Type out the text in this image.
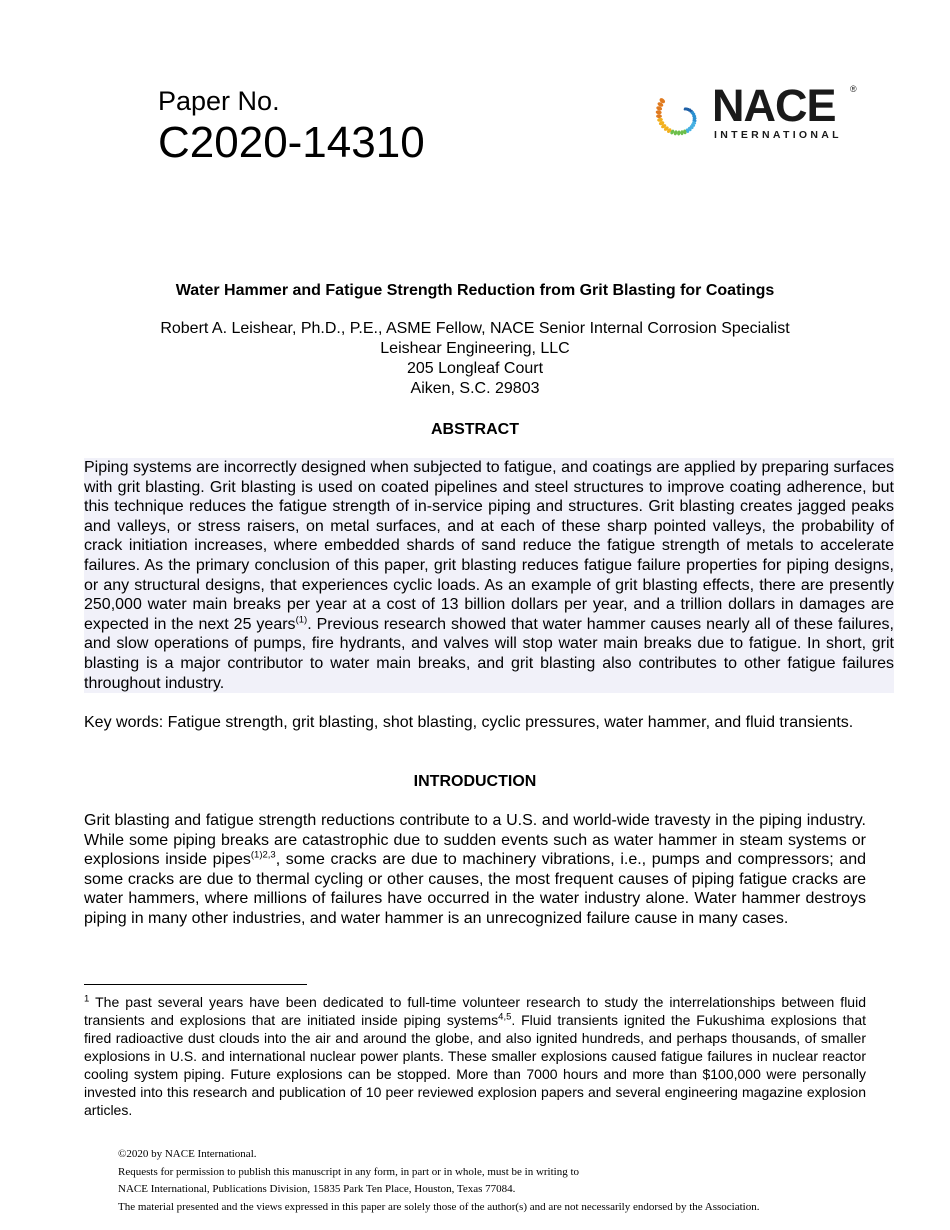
Paper No.
C2020-14310
NACE ®
INTERNATIONAL
Water Hammer and Fatigue Strength Reduction from Grit Blasting for Coatings
Robert A. Leishear, Ph.D., P.E., ASME Fellow, NACE Senior Internal Corrosion Specialist
Leishear Engineering, LLC
205 Longleaf Court
Aiken, S.C. 29803
ABSTRACT
Piping systems are incorrectly designed when subjected to fatigue, and coatings are applied by preparing surfaces with grit blasting. Grit blasting is used on coated pipelines and steel structures to improve coating adherence, but this technique reduces the fatigue strength of in-service piping and structures. Grit blasting creates jagged peaks and valleys, or stress raisers, on metal surfaces, and at each of these sharp pointed valleys, the probability of crack initiation increases, where embedded shards of sand reduce the fatigue strength of metals to accelerate failures. As the primary conclusion of this paper, grit blasting reduces fatigue failure properties for piping designs, or any structural designs, that experiences cyclic loads. As an example of grit blasting effects, there are presently 250,000 water main breaks per year at a cost of 13 billion dollars per year, and a trillion dollars in damages are expected in the next 25 years$^{(1)}$. Previous research showed that water hammer causes nearly all of these failures, and slow operations of pumps, fire hydrants, and valves will stop water main breaks due to fatigue. In short, grit blasting is a major contributor to water main breaks, and grit blasting also contributes to other fatigue failures throughout industry.
Key words: Fatigue strength, grit blasting, shot blasting, cyclic pressures, water hammer, and fluid transients.
INTRODUCTION
Grit blasting and fatigue strength reductions contribute to a U.S. and world-wide travesty in the piping industry. While some piping breaks are catastrophic due to sudden events such as water hammer in steam systems or explosions inside pipes$^{(1)2,3}$, some cracks are due to machinery vibrations, i.e., pumps and compressors; and some cracks are due to thermal cycling or other causes, the most frequent causes of piping fatigue cracks are water hammers, where millions of failures have occurred in the water industry alone. Water hammer destroys piping in many other industries, and water hammer is an unrecognized failure cause in many cases.
$^1$ The past several years have been dedicated to full-time volunteer research to study the interrelationships between fluid transients and explosions that are initiated inside piping systems$^{4,5}$. Fluid transients ignited the Fukushima explosions that fired radioactive dust clouds into the air and around the globe, and also ignited hundreds, and perhaps thousands, of smaller explosions in U.S. and international nuclear power plants. These smaller explosions caused fatigue failures in nuclear reactor cooling system piping. Future explosions can be stopped. More than 7000 hours and more than $100,000 were personally invested into this research and publication of 10 peer reviewed explosion papers and several engineering magazine explosion articles.
©2020 by NACE International.
Requests for permission to publish this manuscript in any form, in part or in whole, must be in writing to
NACE International, Publications Division, 15835 Park Ten Place, Houston, Texas 77084.
The material presented and the views expressed in this paper are solely those of the author(s) and are not necessarily endorsed by the Association.
